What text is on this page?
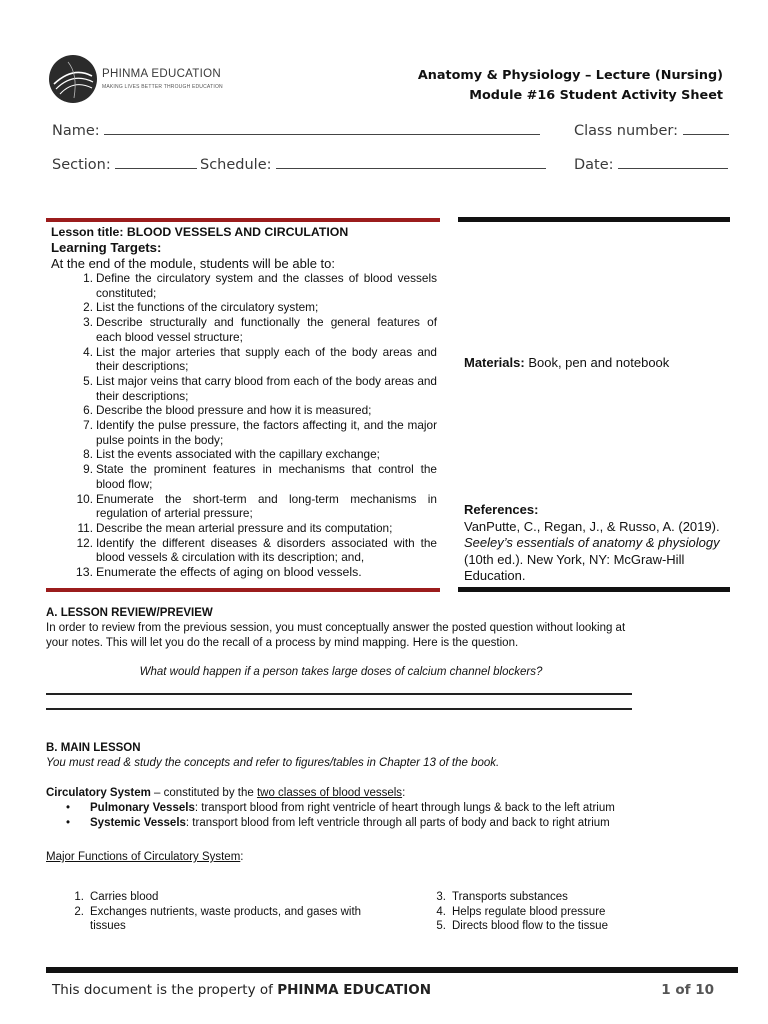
PHINMA EDUCATION
MAKING LIVES BETTER THROUGH EDUCATION
Anatomy & Physiology – Lecture (Nursing)
Module #16 Student Activity Sheet
Name:	Class number:
Section:	Schedule:	Date:
Lesson title: BLOOD VESSELS AND CIRCULATION
Learning Targets:
At the end of the module, students will be able to:
1. Define the circulatory system and the classes of blood vessels constituted;
2. List the functions of the circulatory system;
3. Describe structurally and functionally the general features of each blood vessel structure;
4. List the major arteries that supply each of the body areas and their descriptions;
5. List major veins that carry blood from each of the body areas and their descriptions;
6. Describe the blood pressure and how it is measured;
7. Identify the pulse pressure, the factors affecting it, and the major pulse points in the body;
8. List the events associated with the capillary exchange;
9. State the prominent features in mechanisms that control the blood flow;
10. Enumerate the short-term and long-term mechanisms in regulation of arterial pressure;
11. Describe the mean arterial pressure and its computation;
12. Identify the different diseases & disorders associated with the blood vessels & circulation with its description; and,
13. Enumerate the effects of aging on blood vessels.
Materials: Book, pen and notebook
References:
VanPutte, C., Regan, J., & Russo, A. (2019). Seeley’s essentials of anatomy & physiology (10th ed.). New York, NY: McGraw-Hill Education.
A. LESSON REVIEW/PREVIEW
In order to review from the previous session, you must conceptually answer the posted question without looking at your notes. This will let you do the recall of a process by mind mapping. Here is the question.
What would happen if a person takes large doses of calcium channel blockers?
B. MAIN LESSON
You must read & study the concepts and refer to figures/tables in Chapter 13 of the book.
Circulatory System – constituted by the two classes of blood vessels:
• Pulmonary Vessels: transport blood from right ventricle of heart through lungs & back to the left atrium
• Systemic Vessels: transport blood from left ventricle through all parts of body and back to right atrium
Major Functions of Circulatory System:
1. Carries blood
2. Exchanges nutrients, waste products, and gases with tissues
3. Transports substances
4. Helps regulate blood pressure
5. Directs blood flow to the tissue
This document is the property of PHINMA EDUCATION	1 of 10
